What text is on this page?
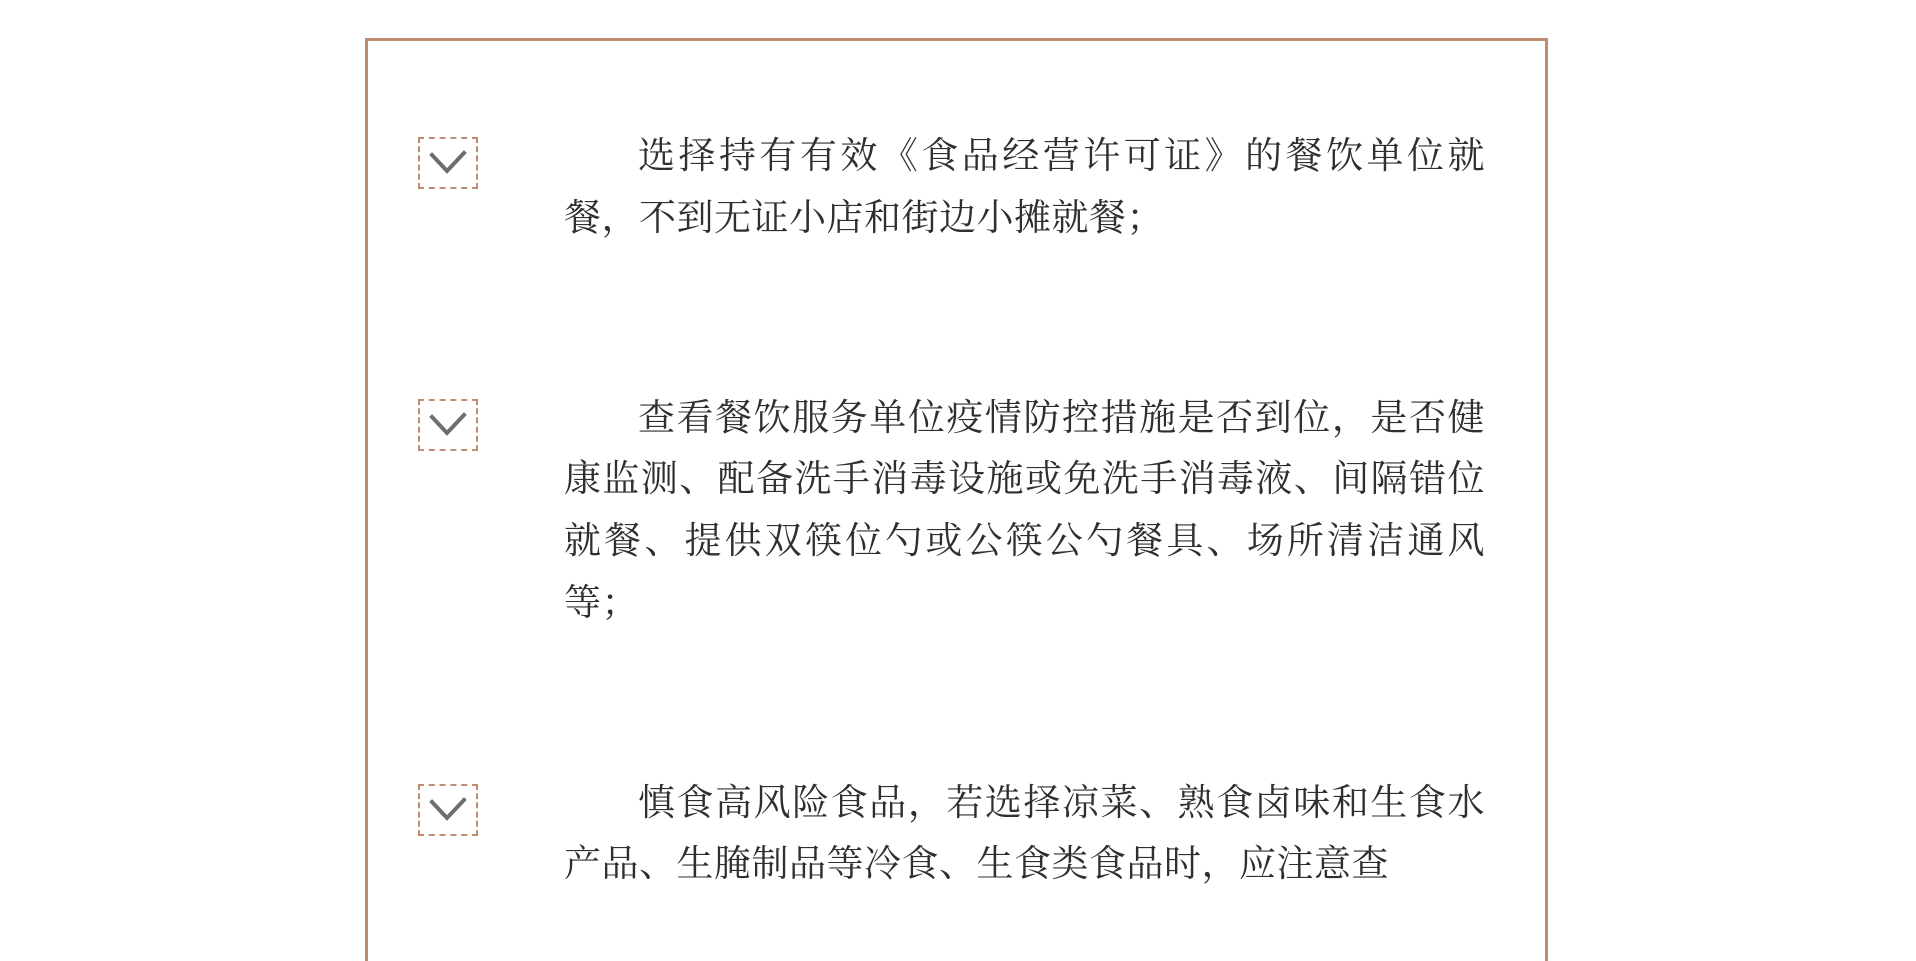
选择持有有效《食品经营许可证》的餐饮单位就餐，不到无证小店和街边小摊就餐；
查看餐饮服务单位疫情防控措施是否到位，是否健康监测、配备洗手消毒设施或免洗手消毒液、间隔错位就餐、提供双筷位勺或公筷公勺餐具、场所清洁通风等；
慎食高风险食品，若选择凉菜、熟食卤味和生食水产品、生腌制品等冷食、生食类食品时，应注意查
